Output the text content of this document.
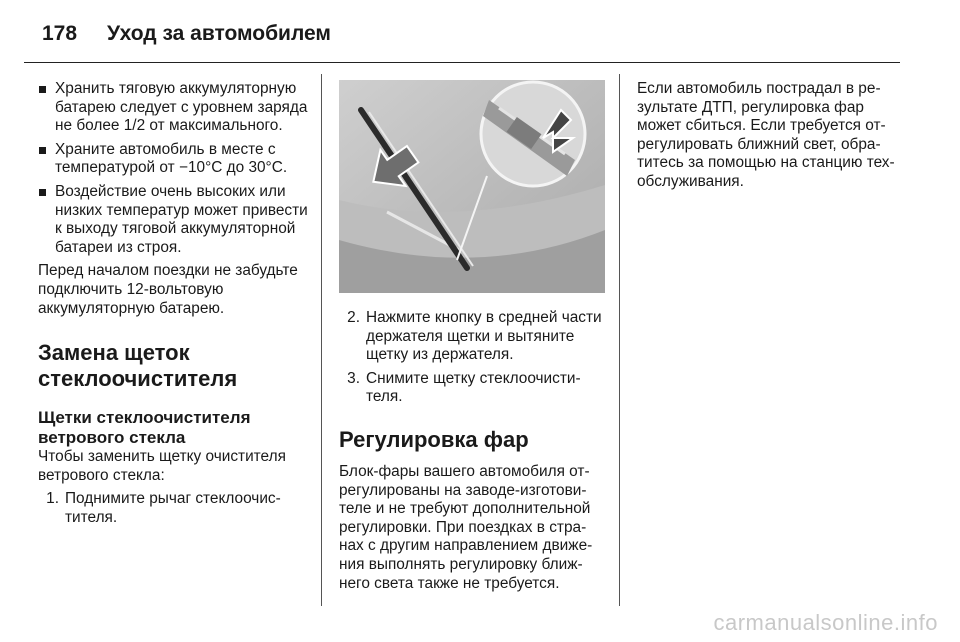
178 Уход за автомобилем
Хранить тяговую аккумуляторную батарею следует с уровнем заряда не более 1/2 от максимального.
Храните автомобиль в месте с температурой от −10°C до 30°C.
Воздействие очень высоких или низких температур может привести к выходу тяговой аккумуляторной батареи из строя.

Перед началом поездки не забудьте подключить 12-вольтовую аккумуляторную батарею.

Замена щеток стеклоочистителя
Щетки стеклоочистителя ветрового стекла

Чтобы заменить щетку очистителя ветрового стекла:

1. Поднимите рычаг стеклоочистителя.
2. Нажмите кнопку в средней части держателя щетки и вытяните щетку из держателя.
3. Снимите щетку стеклоочистителя.
Регулировка фар

Блок-фары вашего автомобиля отрегулированы на заводе-изготовителе и не требуют дополнительной регулировки. При поездках в странах с другим направлением движения выполнять регулировку ближнего света также не требуется.

Если автомобиль пострадал в результате ДТП, регулировка фар может сбиться. Если требуется отрегулировать ближний свет, обратитесь за помощью на станцию техобслуживания.

carmanualsonline.info
